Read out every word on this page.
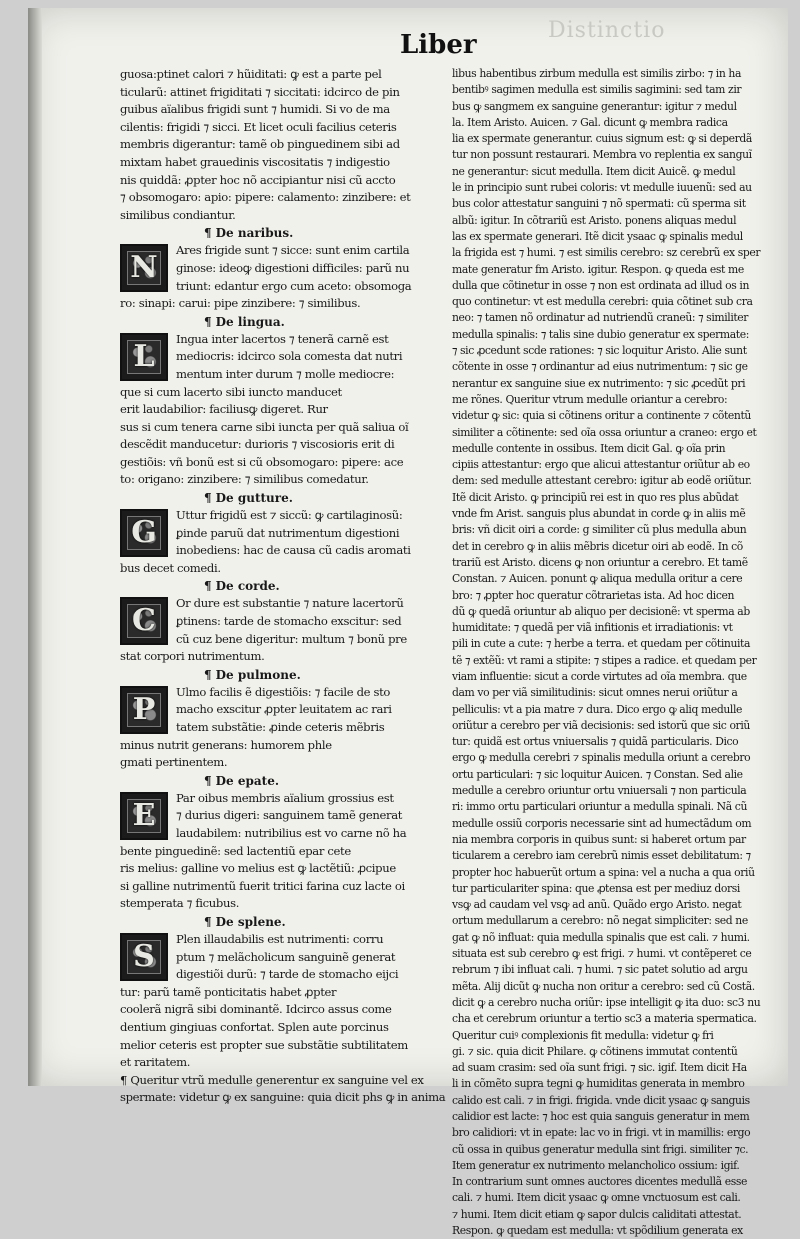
Distinctio
Liber
guosa:ptinet calori ⁊ hũiditati: ꝙ est a parte pel
ticularũ: attinet frigiditati ⁊ siccitati: idcirco de pin
guibus aïalibus frigidi sunt ⁊ humidi. Si vo de ma
cilentis: frigidi ⁊ sicci. Et licet oculi facilius ceteris
membris digerantur: tamẽ ob pinguedinem sibi ad
mixtam habet grauedinis viscositatis ⁊ indigestio
nis quiddã: ꝓpter hoc nõ accipiantur nisi cũ accto
⁊ obsomogaro: apio: pipere: calamento: zinzibere: et
similibus condiantur.
¶ De naribus.
N	Ares frigide sunt ⁊ sicce: sunt enim cartila
ginose: ideoꝙ digestioni difficiles: parũ nu
triunt: edantur ergo cum aceto: obsomoga
ro: sinapi: carui: pipe zinzibere: ⁊ similibus.
¶ De lingua.
L	Ingua inter lacertos ⁊ tenerã carnẽ est
mediocris: idcirco sola comesta dat nutri
mentum inter durum ⁊ molle mediocre:
que si cum lacerto sibi iuncto manducet
erit laudabilior: faciliusꝙ digeret. Rur
sus si cum tenera carne sibi iuncta per quã saliua oĩ
descẽdit manducetur: durioris ⁊ viscosioris erit di
gestiõis: vñ bonũ est si cũ obsomogaro: pipere: ace
to: origano: zinzibere: ⁊ similibus comedatur.
¶ De gutture.
G	Uttur frigidũ est ⁊ siccũ: ꝙ cartilaginosũ:
ꝑinde paruũ dat nutrimentum digestioni
inobediens: hac de causa cũ cadis aromati
bus decet comedi.
¶ De corde.
C	Or dure est substantie ⁊ nature lacertorũ
ꝑtinens: tarde de stomacho exscitur: sed
cũ cuz bene digeritur: multum ⁊ bonũ pre
stat corpori nutrimentum.
¶ De pulmone.
P	Ulmo facilis ẽ digestiõis: ⁊ facile de sto
macho exscitur ꝓpter leuitatem ac rari
tatem substãtie: ꝓinde ceteris mẽbris
minus nutrit generans: humorem phle
gmati pertinentem.
¶ De epate.
E	Par oibus membris aïalium grossius est
⁊ durius digeri: sanguinem tamẽ generat
laudabilem: nutribilius est vo carne nõ ha
bente pinguedinẽ: sed lactentiũ epar cete
ris melius: galline vo melius est ꝙ lactẽtiũ: ꝓcipue
si galline nutrimentũ fuerit tritici farina cuz lacte oi
stemperata ⁊ ficubus.
¶ De splene.
S	Plen illaudabilis est nutrimenti: corru
ptum ⁊ melãcholicum sanguinẽ generat
digestiõi durũ: ⁊ tarde de stomacho eijci
tur: parũ tamẽ ponticitatis habet ꝓpter
coolerã nigrã sibi dominantẽ. Idcirco assus come
dentium gingiuas confortat. Splen aute porcinus
melior ceteris est propter sue substãtie subtilitatem
et raritatem.
¶ Queritur vtrũ medulle generentur ex sanguine vel ex
spermate: videtur ꝙ ex sanguine: quia dicit phs ꝙ in anima
libus habentibus zirbum medulla est similis zirbo: ⁊ in ha
bentibꝰ sagimen medulla est similis sagimini: sed tam zir
bus ꝙ sangmem ex sanguine generantur: igitur ⁊ medul
la. Item Aristo. Auicen. ⁊ Gal. dicunt ꝙ membra radica
lia ex spermate generantur. cuius signum est: ꝙ si deperdã
tur non possunt restaurari. Membra vo replentia ex sanguĩ
ne generantur: sicut medulla. Item dicit Auicẽ. ꝙ medul
le in principio sunt rubei coloris: vt medulle iuuenũ: sed au
bus color attestatur sanguini ⁊ nõ spermati: cũ sperma sit
albũ: igitur. In cõtrariũ est Aristo. ponens aliquas medul
las ex spermate generari. Itẽ dicit ysaac ꝙ spinalis medul
la frigida est ⁊ humi. ⁊ est similis cerebro: sz cerebrũ ex sper
mate generatur fm Aristo. igitur. Respon. ꝙ queda est me
dulla que cõtinetur in osse ⁊ non est ordinata ad illud os in
quo continetur: vt est medulla cerebri: quia cõtinet sub cra
neo: ⁊ tamen nõ ordinatur ad nutriendũ craneũ: ⁊ similiter
medulla spinalis: ⁊ talis sine dubio generatur ex spermate:
⁊ sic ꝓcedunt scde rationes: ⁊ sic loquitur Aristo. Alie sunt
cõtente in osse ⁊ ordinantur ad eius nutrimentum: ⁊ sic ge
nerantur ex sanguine siue ex nutrimento: ⁊ sic ꝓcedũt pri
me rõnes. Queritur vtrum medulle oriantur a cerebro:
videtur ꝙ sic: quia si cõtinens oritur a continente ⁊ cõtentũ
similiter a cõtinente: sed oĩa ossa oriuntur a craneo: ergo et
medulle contente in ossibus. Item dicit Gal. ꝙ oĩa prin
cipiis attestantur: ergo que alicui attestantur oriũtur ab eo
dem: sed medulle attestant cerebro: igitur ab eodẽ oriũtur.
Itẽ dicit Aristo. ꝙ principiũ rei est in quo res plus abũdat
vnde fm Arist. sanguis plus abundat in corde ꝙ in aliis mẽ
bris: vñ dicit oiri a corde: g similiter cũ plus medulla abun
det in cerebro ꝙ in aliis mẽbris dicetur oiri ab eodẽ. In cõ
trariũ est Aristo. dicens ꝙ non oriuntur a cerebro. Et tamẽ
Constan. ⁊ Auicen. ponunt ꝙ aliqua medulla oritur a cere
bro: ⁊ ꝓpter hoc queratur cõtrarietas ista. Ad hoc dicen
dũ ꝙ quedã oriuntur ab aliquo per decisionẽ: vt sperma ab
humiditate: ⁊ quedã per viã infitionis et irradiationis: vt
pili in cute a cute: ⁊ herbe a terra. et quedam per cõtinuita
tẽ ⁊ extẽũ: vt rami a stipite: ⁊ stipes a radice. et quedam per
viam influentie: sicut a corde virtutes ad oĩa membra. que
dam vo per viã similitudinis: sicut omnes nerui oriũtur a
pelliculis: vt a pia matre ⁊ dura. Dico ergo ꝙ aliq medulle
oriũtur a cerebro per viã decisionis: sed istorũ que sic oriũ
tur: quidã est ortus vniuersalis ⁊ quidã particularis. Dico
ergo ꝙ medulla cerebri ⁊ spinalis medulla oriunt a cerebro
ortu particulari: ⁊ sic loquitur Auicen. ⁊ Constan. Sed alie
medulle a cerebro oriuntur ortu vniuersali ⁊ non particula
ri: immo ortu particulari oriuntur a medulla spinali. Nã cũ
medulle ossiũ corporis necessarie sint ad humectãdum om
nia membra corporis in quibus sunt: si haberet ortum par
ticularem a cerebro iam cerebrũ nimis esset debilitatum: ⁊
propter hoc habuerũt ortum a spina: vel a nucha a qua oriũ
tur particulariter spina: que ꝓtensa est per mediuz dorsi
vsꝙ ad caudam vel vsꝙ ad anũ. Quãdo ergo Aristo. negat
ortum medullarum a cerebro: nõ negat simpliciter: sed ne
gat ꝙ nõ influat: quia medulla spinalis que est cali. ⁊ humi.
situata est sub cerebro ꝙ est frigi. ⁊ humi. vt contẽperet ce
rebrum ⁊ ibi influat cali. ⁊ humi. ⁊ sic patet solutio ad argu
mẽta. Alij dicũt ꝙ nucha non oritur a cerebro: sed cũ Costã.
dicit ꝙ a cerebro nucha oriũr: ipse intelligit ꝙ ita duo: sc3 nu
cha et cerebrum oriuntur a tertio sc3 a materia spermatica.
Queritur cuiꝰ complexionis fit medulla: videtur ꝙ fri
gi. ⁊ sic. quia dicit Philare. ꝙ cõtinens immutat contentũ
ad suam crasim: sed oĩa sunt frigi. ⁊ sic. igif. Item dicit Ha
li in cõmẽto supra tegni ꝙ humiditas generata in membro
calido est cali. ⁊ in frigi. frigida. vnde dicit ysaac ꝙ sanguis
calidior est lacte: ⁊ hoc est quia sanguis generatur in mem
bro calidiori: vt in epate: lac vo in frigi. vt in mamillis: ergo
cũ ossa in quibus generatur medulla sint frigi. similiter ⁊c.
Item generatur ex nutrimento melancholico ossium: igif.
In contrarium sunt omnes auctores dicentes medullã esse
cali. ⁊ humi. Item dicit ysaac ꝙ omne vnctuosum est cali.
⁊ humi. Item dicit etiam ꝙ sapor dulcis caliditati attestat.
Respon. ꝙ quedam est medulla: vt spõdilium generata ex
